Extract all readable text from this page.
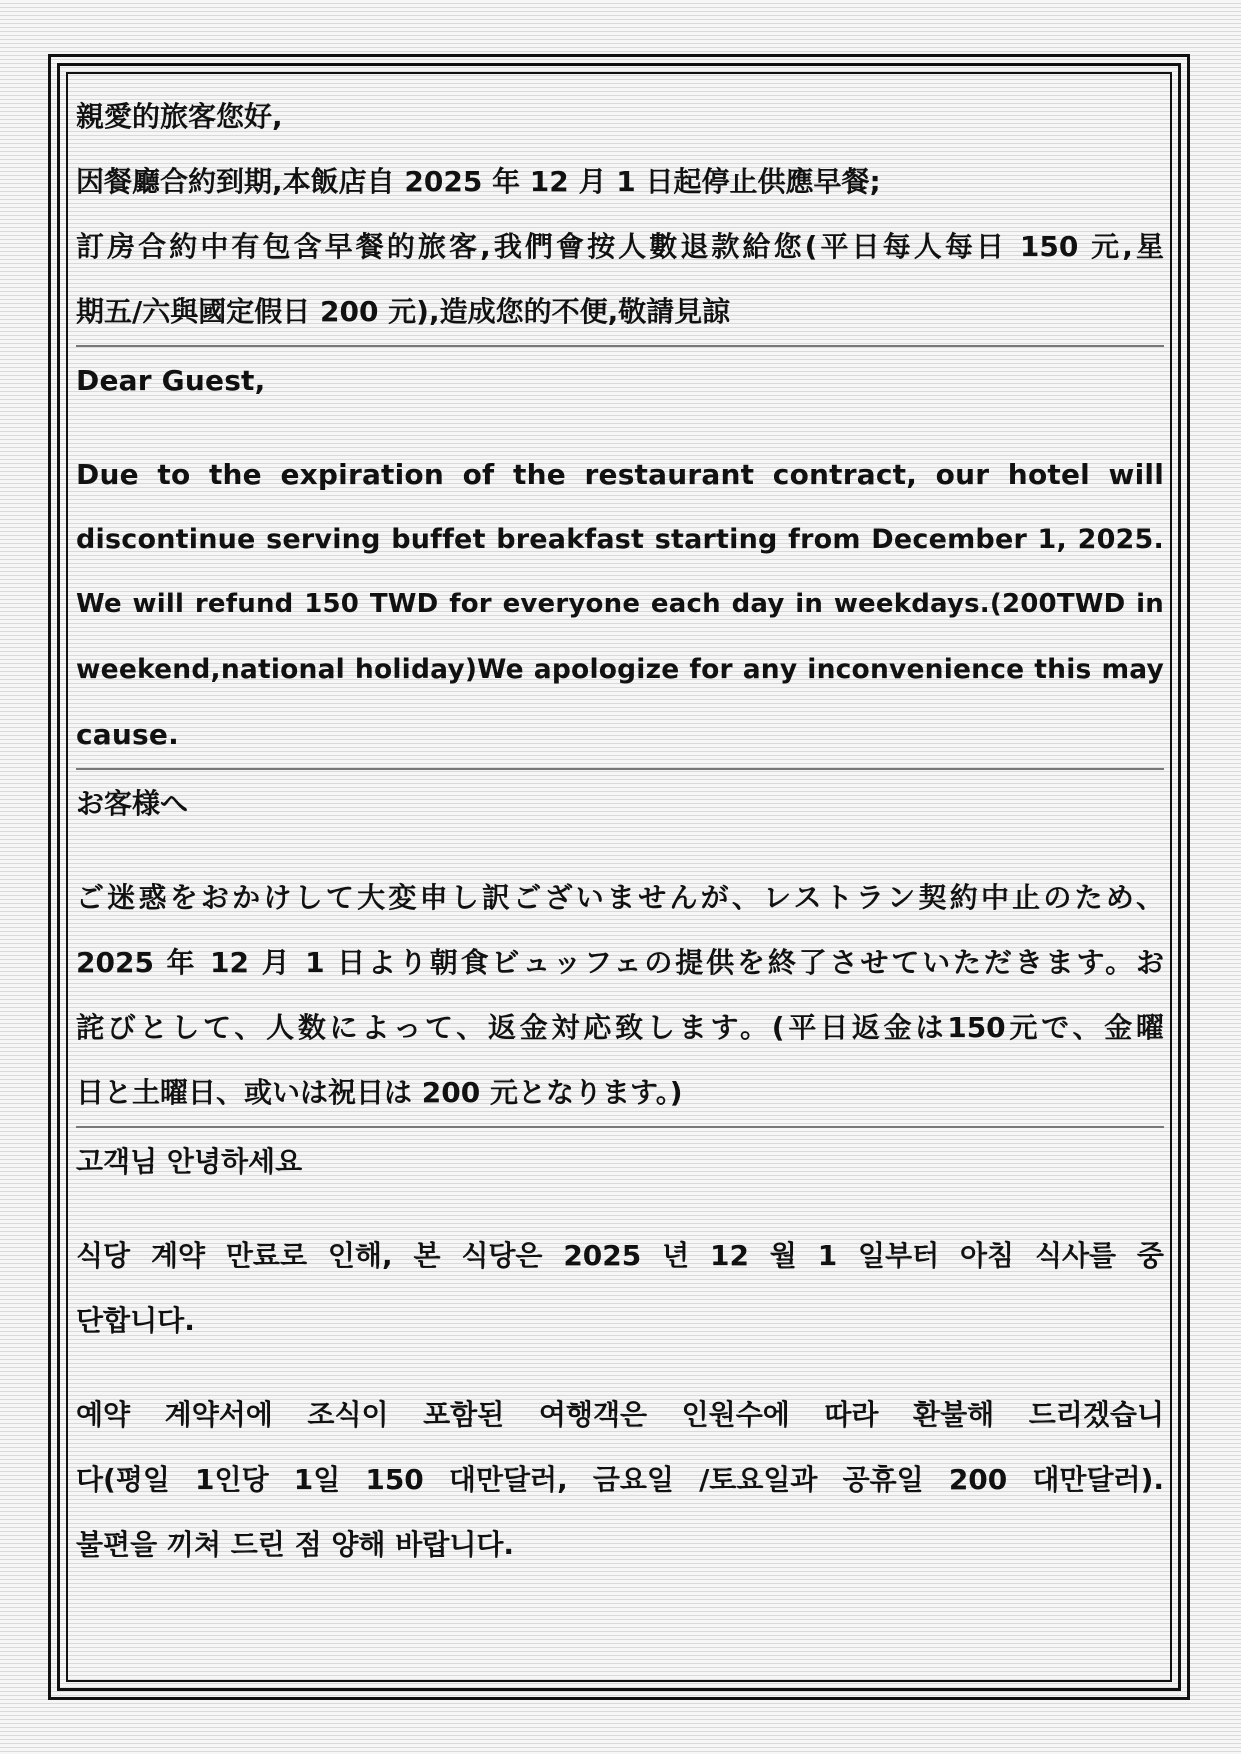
親愛的旅客您好,
因餐廳合約到期,本飯店自 2025 年 12 月 1 日起停止供應早餐;
訂房合約中有包含早餐的旅客,我們會按人數退款給您(平日每人每日 150 元,星
期五/六與國定假日 200 元),造成您的不便,敬請見諒
Dear Guest,
Due to the expiration of the restaurant contract, our hotel will
discontinue serving buffet breakfast starting from December 1, 2025.
We will refund 150 TWD for everyone each day in weekdays.(200TWD in
weekend,national holiday)We apologize for any inconvenience this may
cause.
お客様へ
ご迷惑をおかけして大変申し訳ございませんが、レストラン契約中止のため、
2025 年 12 月 1 日より朝食ビュッフェの提供を終了させていただきます。お
詫びとして、人数によって、返金対応致します。(平日返金は150元で、金曜
日と土曜日、或いは祝日は 200 元となります。)
고객님 안녕하세요
식당 계약 만료로 인해, 본 식당은 2025 년 12 월 1 일부터 아침 식사를 중
단합니다.
예약 계약서에 조식이 포함된 여행객은 인원수에 따라 환불해 드리겠습니
다(평일 1인당 1일 150 대만달러, 금요일 /토요일과 공휴일 200 대만달러).
불편을 끼쳐 드린 점 양해 바랍니다.
